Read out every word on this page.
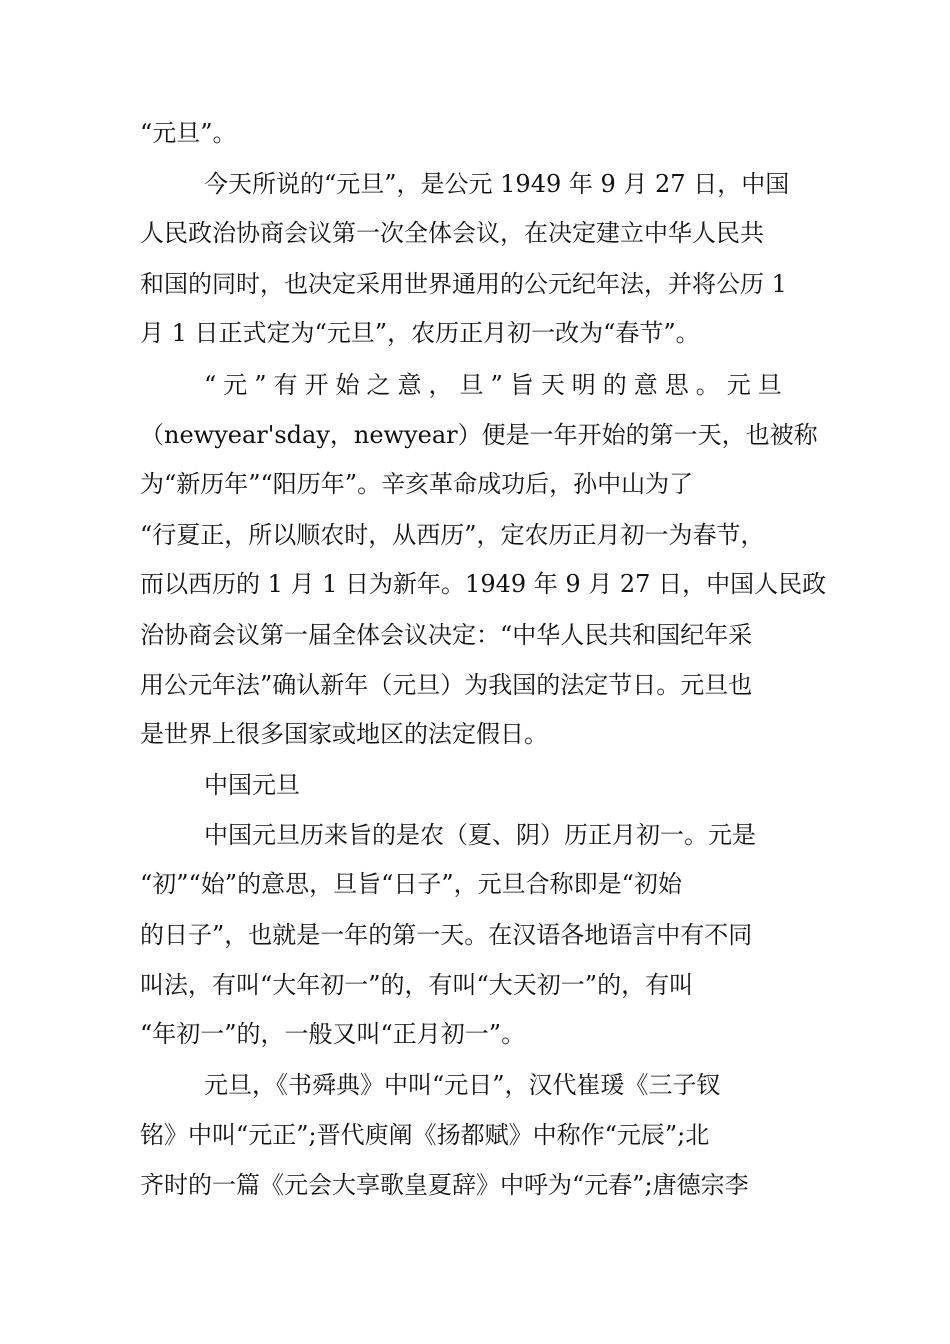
“元旦”。

今天所说的“元旦”，是公元 1949 年 9 月 27 日，中国

人民政治协商会议第一次全体会议，在决定建立中华人民共

和国的同时，也决定采用世界通用的公元纪年法，并将公历 1

月 1 日正式定为“元旦”，农历正月初一改为“春节”。

“元”有开始之意，旦”旨天明的意思。元旦

（newyear'sday，newyear）便是一年开始的第一天，也被称

为“新历年”“阳历年”。辛亥革命成功后，孙中山为了

“行夏正，所以顺农时，从西历”，定农历正月初一为春节，

而以西历的 1 月 1 日为新年。1949 年 9 月 27 日，中国人民政

治协商会议第一届全体会议决定：“中华人民共和国纪年采

用公元年法”确认新年（元旦）为我国的法定节日。元旦也

是世界上很多国家或地区的法定假日。

中国元旦

中国元旦历来旨的是农（夏、阴）历正月初一。元是

“初”“始”的意思，旦旨“日子”，元旦合称即是“初始

的日子”，也就是一年的第一天。在汉语各地语言中有不同

叫法，有叫“大年初一”的，有叫“大天初一”的，有叫

“年初一”的，一般又叫“正月初一”。

元旦，《书舜典》中叫“元日”，汉代崔瑗《三子钗

铭》中叫“元正”;晋代庾阐《扬都赋》中称作“元辰”;北

齐时的一篇《元会大享歌皇夏辞》中呼为“元春”;唐德宗李
